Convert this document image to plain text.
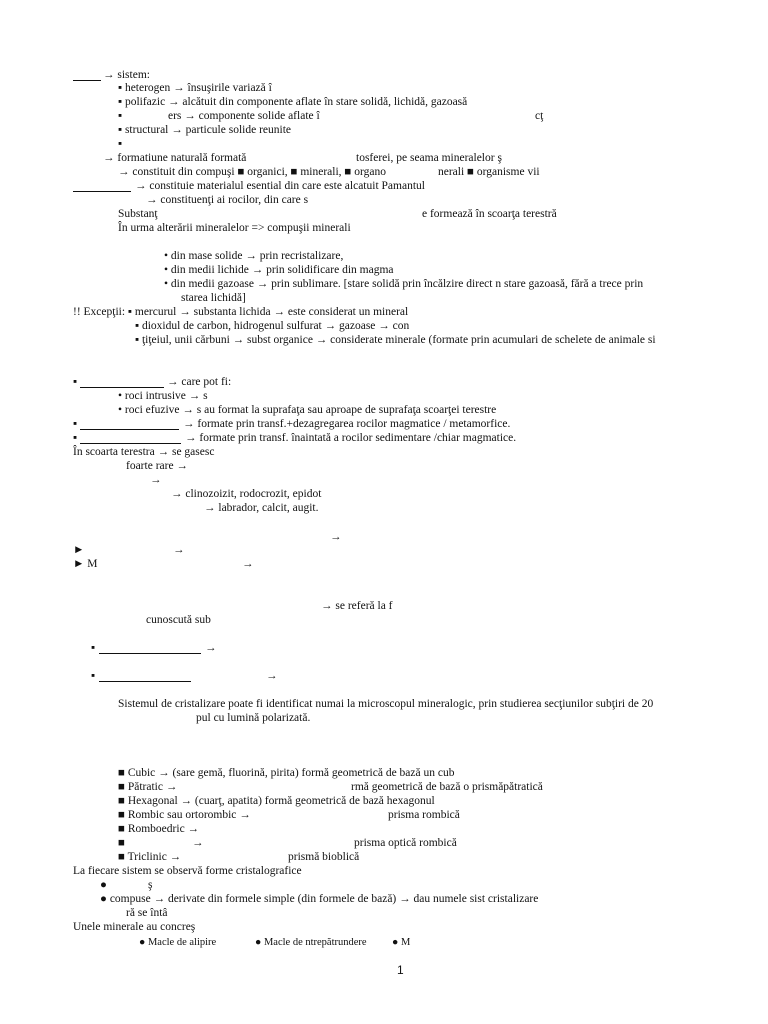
→ sistem:
▪ heterogen → însuşirile variază î
▪ polifazic → alcătuit din componente aflate în stare solidă, lichidă, gazoasă
▪	ers → componente solide aflate î	cţ
▪ structural → particule solide reunite
▪
→ formatiune naturală formată	tosferei, pe seama mineralelor ş
→ constituit din compuşi ■ organici, ■ minerali, ■ organo	nerali ■ organisme vii
→ constituie materialul esential din care este alcatuit Pamantul
→ constituenţi ai rocilor, din care s
Substanţ	e formează în scoarţa terestră
În urma alterării mineralelor => compuşii minerali
• din mase solide → prin recristalizare,
• din medii lichide → prin solidificare din magma
• din medii gazoase → prin sublimare. [stare solidă prin încălzire direct n stare gazoasă, fără a trece prin
starea lichidă]
!! Excepţii: ▪ mercurul → substanta lichida → este considerat un mineral
▪ dioxidul de carbon, hidrogenul sulfurat → gazoase → con
▪ ţiţeiul, unii cărbuni → subst organice → considerate minerale (formate prin acumulari de schelete de animale si
▪	→ care pot fi:
• roci intrusive → s
• roci efuzive → s au format la suprafaţa sau aproape de suprafaţa scoarţei terestre
▪	→ formate prin transf.+dezagregarea rocilor magmatice / metamorfice.
▪	→ formate prin transf. înaintată a rocilor sedimentare /chiar magmatice.
În scoarta terestra → se gasesc
foarte rare →
→
→ clinozoizit, rodocrozit, epidot
→ labrador, calcit, augit.
→
►	→
► M	→
→ se referă la f
cunoscută sub
▪	→
▪	→
Sistemul de cristalizare poate fi identificat numai la microscopul mineralogic, prin studierea secţiunilor subţiri de 20
pul cu lumină polarizată.
■ Cubic → (sare gemă, fluorină, pirita) formă geometrică de bază un cub
■ Pătratic →	rmă geometrică de bază o prismăpătratică
■ Hexagonal → (cuarţ, apatita) formă geometrică de bază hexagonul
■ Rombic sau ortorombic →	prisma rombică
■ Romboedric →
■	→	prisma optică rombică
■ Triclinic →	prismă bioblică
La fiecare sistem se observă forme cristalografice
●	ş
● compuse → derivate din formele simple (din formele de bază) → dau numele sist cristalizare
ră se întâ
Unele minerale au concreş
● Macle de alipire	● Macle de ntrepătrundere ● M
1
